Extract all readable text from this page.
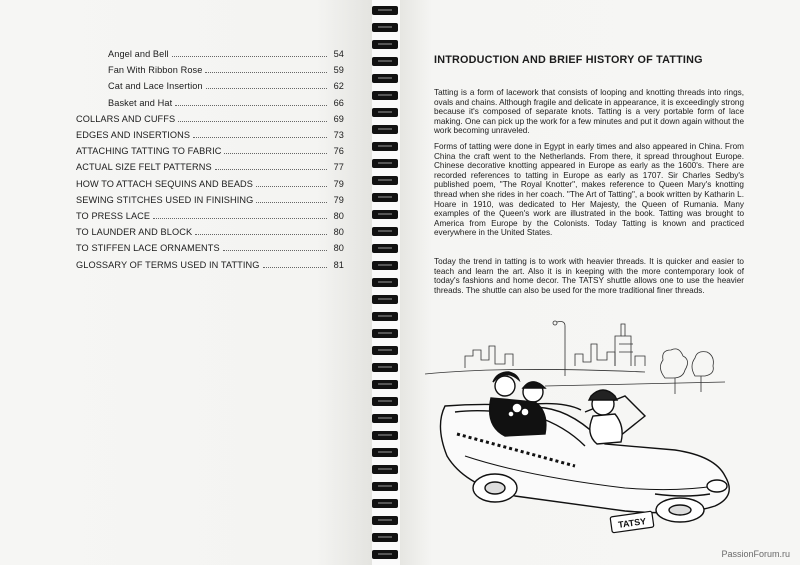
Angel and Bell	54
Fan With Ribbon Rose	59
Cat and Lace Insertion	62
Basket and Hat	66
COLLARS AND CUFFS	69
EDGES AND INSERTIONS	73
ATTACHING TATTING TO FABRIC	76
ACTUAL SIZE FELT PATTERNS	77
HOW TO ATTACH SEQUINS AND BEADS	79
SEWING STITCHES USED IN FINISHING	79
TO PRESS LACE	80
TO LAUNDER AND BLOCK	80
TO STIFFEN LACE ORNAMENTS	80
GLOSSARY OF TERMS USED IN TATTING	81
INTRODUCTION AND BRIEF HISTORY OF TATTING
Tatting is a form of lacework that consists of looping and knotting threads into rings, ovals and chains. Although fragile and delicate in appearance, it is exceedingly strong because it's composed of separate knots. Tatting is a very portable form of lace making. One can pick up the work for a few minutes and put it down again without the work becoming unraveled.
Forms of tatting were done in Egypt in early times and also appeared in China. From China the craft went to the Netherlands. From there, it spread throughout Europe. Chinese decorative knotting appeared in Europe as early as the 1600's. There are recorded references to tatting in Europe as early as 1707. Sir Charles Sedby's published poem, "The Royal Knotter", makes reference to Queen Mary's knotting thread when she rides in her coach. "The Art of Tatting", a book written by Katharin L. Hoare in 1910, was dedicated to Her Majesty, the Queen of Rumania. Many examples of the Queen's work are illustrated in the book. Tatting was brought to America from Europe by the Colonists. Today Tatting is known and practiced everywhere in the United States.
Today the trend in tatting is to work with heavier threads. It is quicker and easier to teach and learn the art. Also it is in keeping with the more contemporary look of today's fashions and home decor. The TATSY shuttle allows one to use the heavier threads. The shuttle can also be used for the more traditional finer threads.
TATSY
PassionForum.ru
